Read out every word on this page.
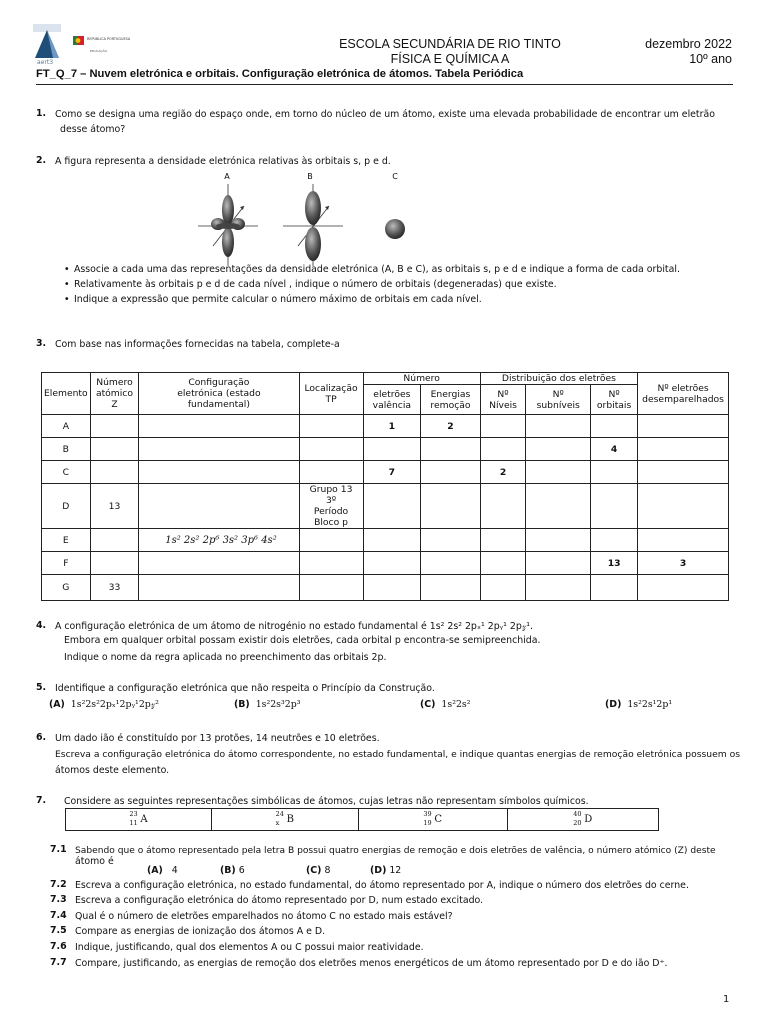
aert3
REPÚBLICA PORTUGUESA
EDUCAÇÃO	ESCOLA SECUNDÁRIA DE RIO TINTO
FÍSICA E QUÍMICA A
dezembro 2022
10º ano
FT_Q_7 – Nuvem eletrónica e orbitais. Configuração eletrónica de átomos. Tabela Periódica
1. Como se designa uma região do espaço onde, em torno do núcleo de um átomo, existe uma elevada probabilidade de encontrar um eletrão
desse átomo?
2. A figura representa a densidade eletrónica relativas às orbitais s, p e d.
A	B	C
• Associe a cada uma das representações da densidade eletrónica (A, B e C), as orbitais s, p e d e indique a forma de cada orbital.
• Relativamente às orbitais p e d de cada nível , indique o número de orbitais (degeneradas) que existe.
• Indique a expressão que permite calcular o número máximo de orbitais em cada nível.
3. Com base nas informações fornecidas na tabela, complete-a
Elemento	Número atómico Z	Configuração eletrónica (estado fundamental)	Localização TP	Número		Distribuição dos eletrões			Nº eletrões desemparelhados
				eletrões valência	Energias remoção	Nº Níveis	Nº subníveis	Nº orbitais	
A				1	2				
B								4	
C				7		2			
D	13		Grupo 13 3º Período Bloco p						
E		1s² 2s² 2p⁶ 3s² 3p⁶ 4s²							
F								13	3
G	33								
4. A configuração eletrónica de um átomo de nitrogénio no estado fundamental é 1s² 2s² 2pₓ¹ 2pᵧ¹ 2p𝓏¹.
Embora em qualquer orbital possam existir dois eletrões, cada orbital p encontra-se semipreenchida.
Indique o nome da regra aplicada no preenchimento das orbitais 2p.
5. Identifique a configuração eletrónica que não respeita o Princípio da Construção.
(A) 1s²2s²2pₓ¹2pᵧ¹2p𝓏²	(B) 1s²2s³2p³	(C) 1s²2s²	(D) 1s²2s¹2p¹
6. Um dado ião é constituído por 13 protões, 14 neutrões e 10 eletrões.
Escreva a configuração eletrónica do átomo correspondente, no estado fundamental, e indique quantas energias de remoção eletrónica possuem os
átomos deste elemento.
7. Considere as seguintes representações simbólicas de átomos, cujas letras não representam símbolos químicos.
23
11 A	24
x B	39
19 C	40
20 D
7.1 Sabendo que o átomo representado pela letra B possui quatro energias de remoção e dois eletrões de valência, o número atómico (Z) deste
átomo é
(A) 4	(B) 6	(C) 8	(D) 12
7.2 Escreva a configuração eletrónica, no estado fundamental, do átomo representado por A, indique o número dos eletrões do cerne.
7.3 Escreva a configuração eletrónica do átomo representado por D, num estado excitado.
7.4 Qual é o número de eletrões emparelhados no átomo C no estado mais estável?
7.5 Compare as energias de ionização dos átomos A e D.
7.6 Indique, justificando, qual dos elementos A ou C possui maior reatividade.
7.7 Compare, justificando, as energias de remoção dos eletrões menos energéticos de um átomo representado por D e do ião D⁺.
1
